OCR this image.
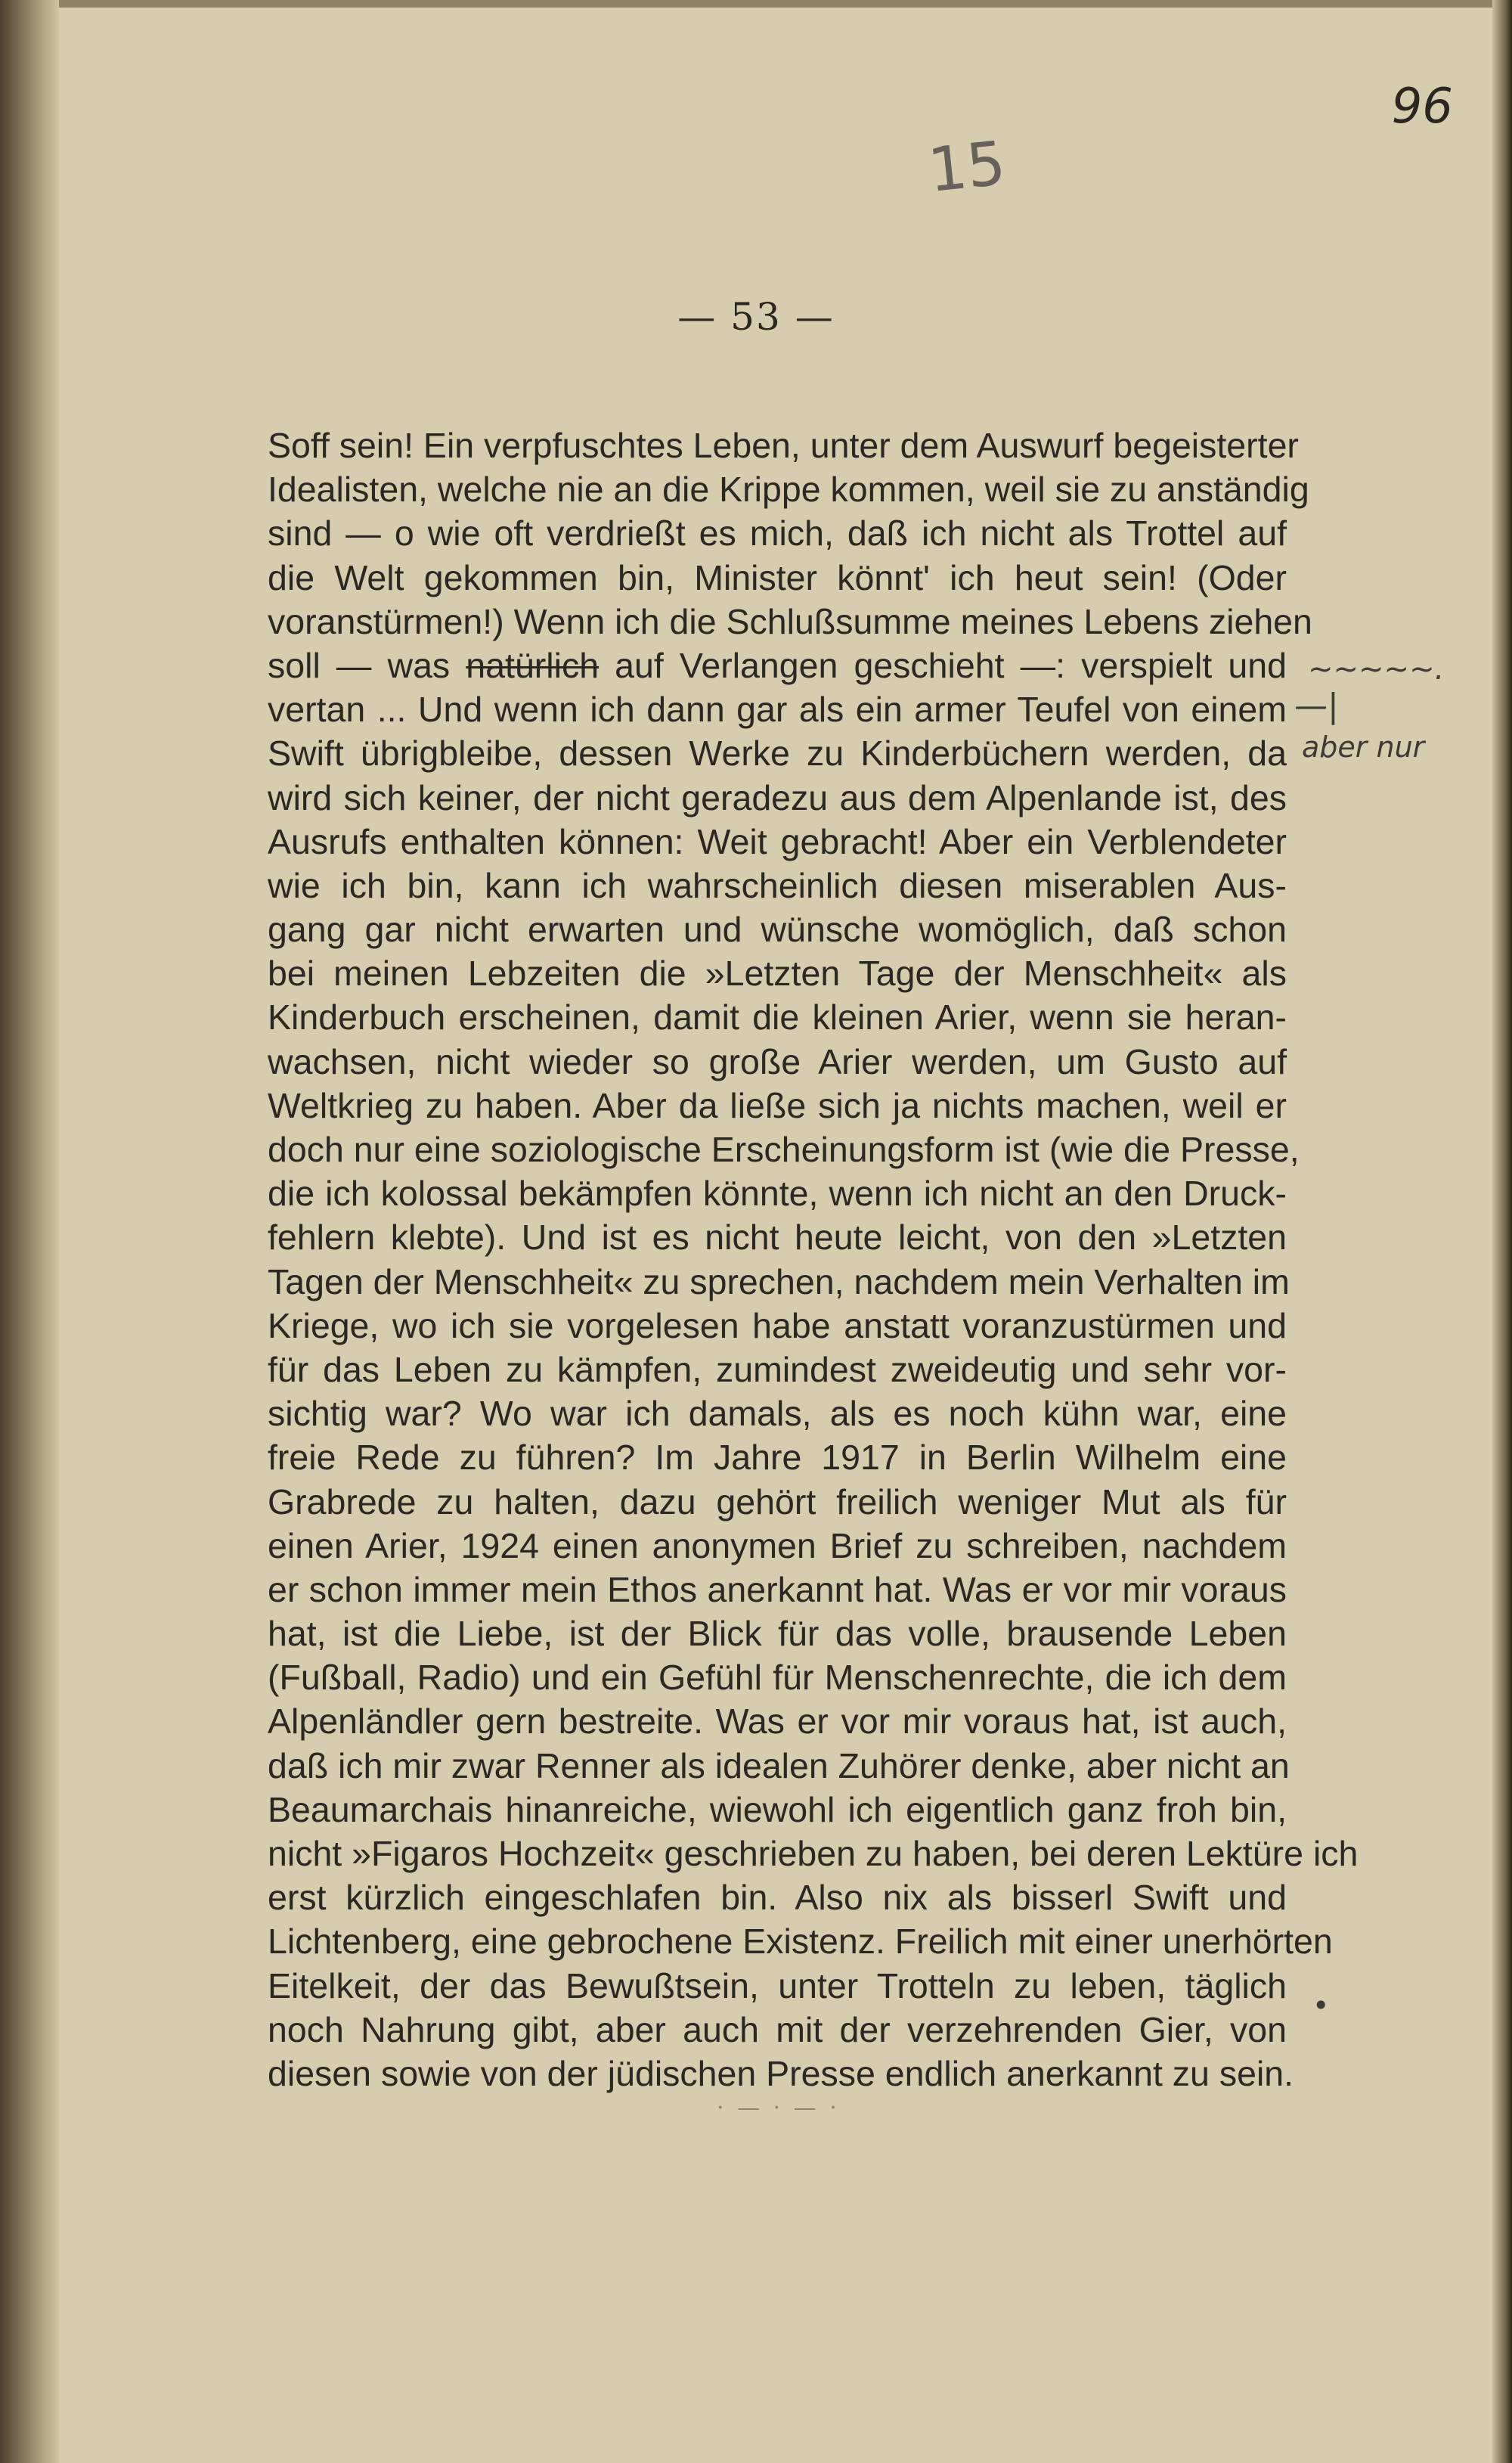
96
15
— 53 —
Soff sein! Ein verpfuschtes Leben, unter dem Auswurf begeisterter
Idealisten, welche nie an die Krippe kommen, weil sie zu anständig
sind — o wie oft verdrießt es mich, daß ich nicht als Trottel auf
die Welt gekommen bin, Minister könnt' ich heut sein! (Oder
voranstürmen!) Wenn ich die Schlußsumme meines Lebens ziehen
soll — was natürlich auf Verlangen geschieht —: verspielt und
vertan ... Und wenn ich dann gar als ein armer Teufel von einem
Swift übrigbleibe, dessen Werke zu Kinderbüchern werden, da
wird sich keiner, der nicht geradezu aus dem Alpenlande ist, des
Ausrufs enthalten können: Weit gebracht! Aber ein Verblendeter
wie ich bin, kann ich wahrscheinlich diesen miserablen Aus-
gang gar nicht erwarten und wünsche womöglich, daß schon
bei meinen Lebzeiten die »Letzten Tage der Menschheit« als
Kinderbuch erscheinen, damit die kleinen Arier, wenn sie heran-
wachsen, nicht wieder so große Arier werden, um Gusto auf
Weltkrieg zu haben. Aber da ließe sich ja nichts machen, weil er
doch nur eine soziologische Erscheinungsform ist (wie die Presse,
die ich kolossal bekämpfen könnte, wenn ich nicht an den Druck-
fehlern klebte). Und ist es nicht heute leicht, von den »Letzten
Tagen der Menschheit« zu sprechen, nachdem mein Verhalten im
Kriege, wo ich sie vorgelesen habe anstatt voranzustürmen und
für das Leben zu kämpfen, zumindest zweideutig und sehr vor-
sichtig war? Wo war ich damals, als es noch kühn war, eine
freie Rede zu führen? Im Jahre 1917 in Berlin Wilhelm eine
Grabrede zu halten, dazu gehört freilich weniger Mut als für
einen Arier, 1924 einen anonymen Brief zu schreiben, nachdem
er schon immer mein Ethos anerkannt hat. Was er vor mir voraus
hat, ist die Liebe, ist der Blick für das volle, brausende Leben
(Fußball, Radio) und ein Gefühl für Menschenrechte, die ich dem
Alpenländler gern bestreite. Was er vor mir voraus hat, ist auch,
daß ich mir zwar Renner als idealen Zuhörer denke, aber nicht an
Beaumarchais hinanreiche, wiewohl ich eigentlich ganz froh bin,
nicht »Figaros Hochzeit« geschrieben zu haben, bei deren Lektüre ich
erst kürzlich eingeschlafen bin. Also nix als bisserl Swift und
Lichtenberg, eine gebrochene Existenz. Freilich mit einer unerhörten
Eitelkeit, der das Bewußtsein, unter Trotteln zu leben, täglich
noch Nahrung gibt, aber auch mit der verzehrenden Gier, von
diesen sowie von der jüdischen Presse endlich anerkannt zu sein.
~~~~~.
—|
aber nur
•
· — · — ·
